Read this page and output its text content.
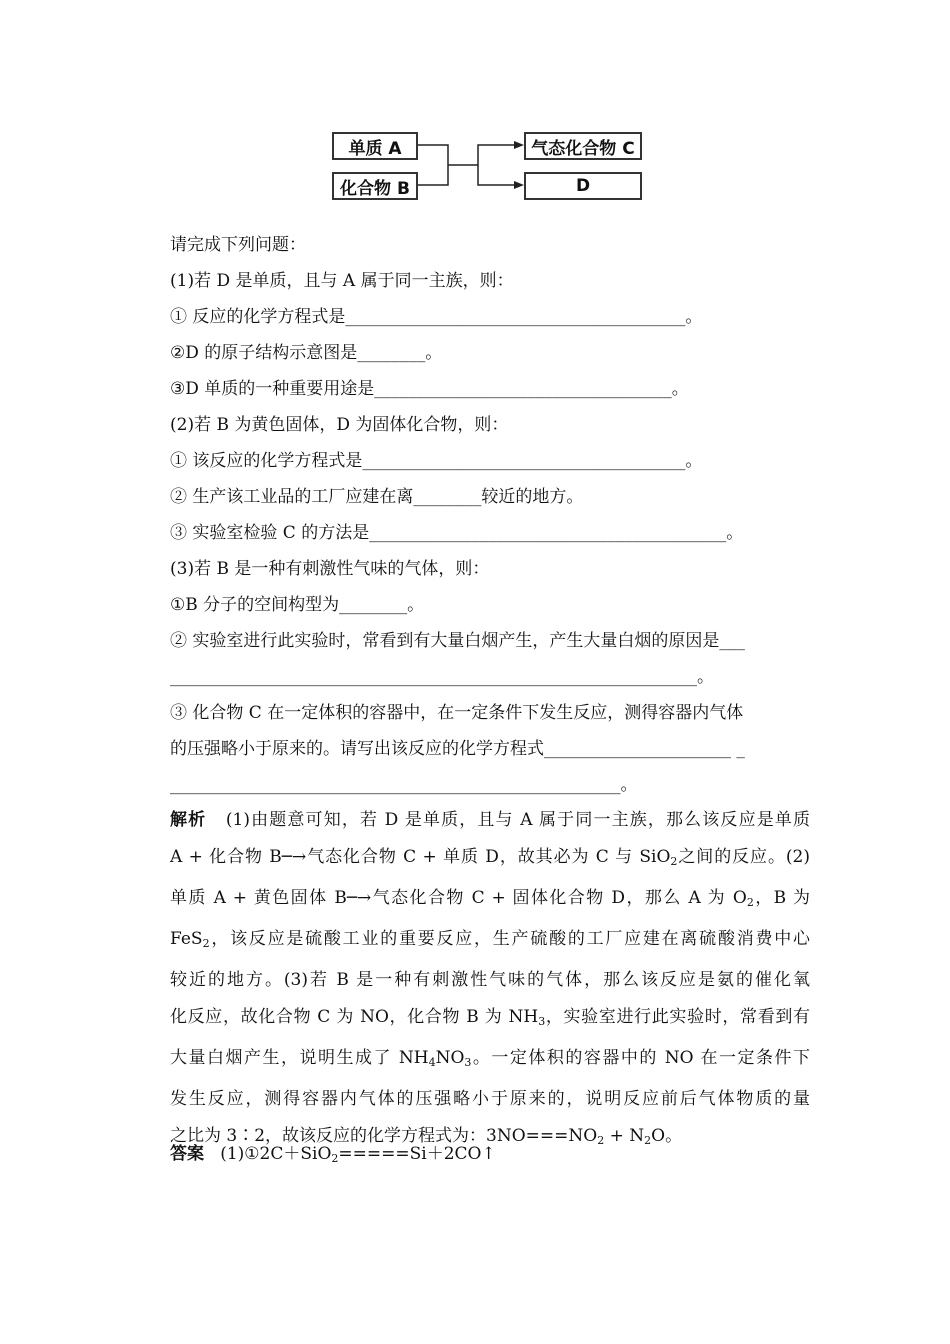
单质 A
化合物 B
气态化合物 C
D
请完成下列问题：
(1)若 D 是单质，且与 A 属于同一主族，则：
① 反应的化学方程式是________________________________________。
②D 的原子结构示意图是________。
③D 单质的一种重要用途是___________________________________。
(2)若 B 为黄色固体，D 为固体化合物，则：
① 该反应的化学方程式是______________________________________。
② 生产该工业品的工厂应建在离________较近的地方。
③ 实验室检验 C 的方法是__________________________________________。
(3)若 B 是一种有刺激性气味的气体，则：
①B 分子的空间构型为________。
② 实验室进行此实验时，常看到有大量白烟产生，产生大量白烟的原因是___
______________________________________________________________。
③ 化合物 C 在一定体积的容器中，在一定条件下发生反应，测得容器内气体
的压强略小于原来的。请写出该反应的化学方程式______________________ _
_____________________________________________________。
解析 (1)由题意可知，若 D 是单质，且与 A 属于同一主族，那么该反应是单质
A + 化合物 B─→气态化合物 C + 单质 D，故其必为 C 与 SiO$_2$之间的反应。(2)
单质 A + 黄色固体 B─→气态化合物 C + 固体化合物 D，那么 A 为 $O_2$，B 为
FeS$_2$，该反应是硫酸工业的重要反应，生产硫酸的工厂应建在离硫酸消费中心
较近的地方。(3)若 B 是一种有刺激性气味的气体，那么该反应是氨的催化氧
化反应，故化合物 C 为 NO，化合物 B 为 $NH_3$，实验室进行此实验时，常看到有
大量白烟产生，说明生成了 $NH_4NO_3$。一定体积的容器中的 NO 在一定条件下
发生反应，测得容器内气体的压强略小于原来的，说明反应前后气体物质的量
之比为 3∶2，故该反应的化学方程式为：$3NO===NO_2 + N_2O$。
答案 (1)①2C＋SiO$_2$=====Si＋2CO↑
